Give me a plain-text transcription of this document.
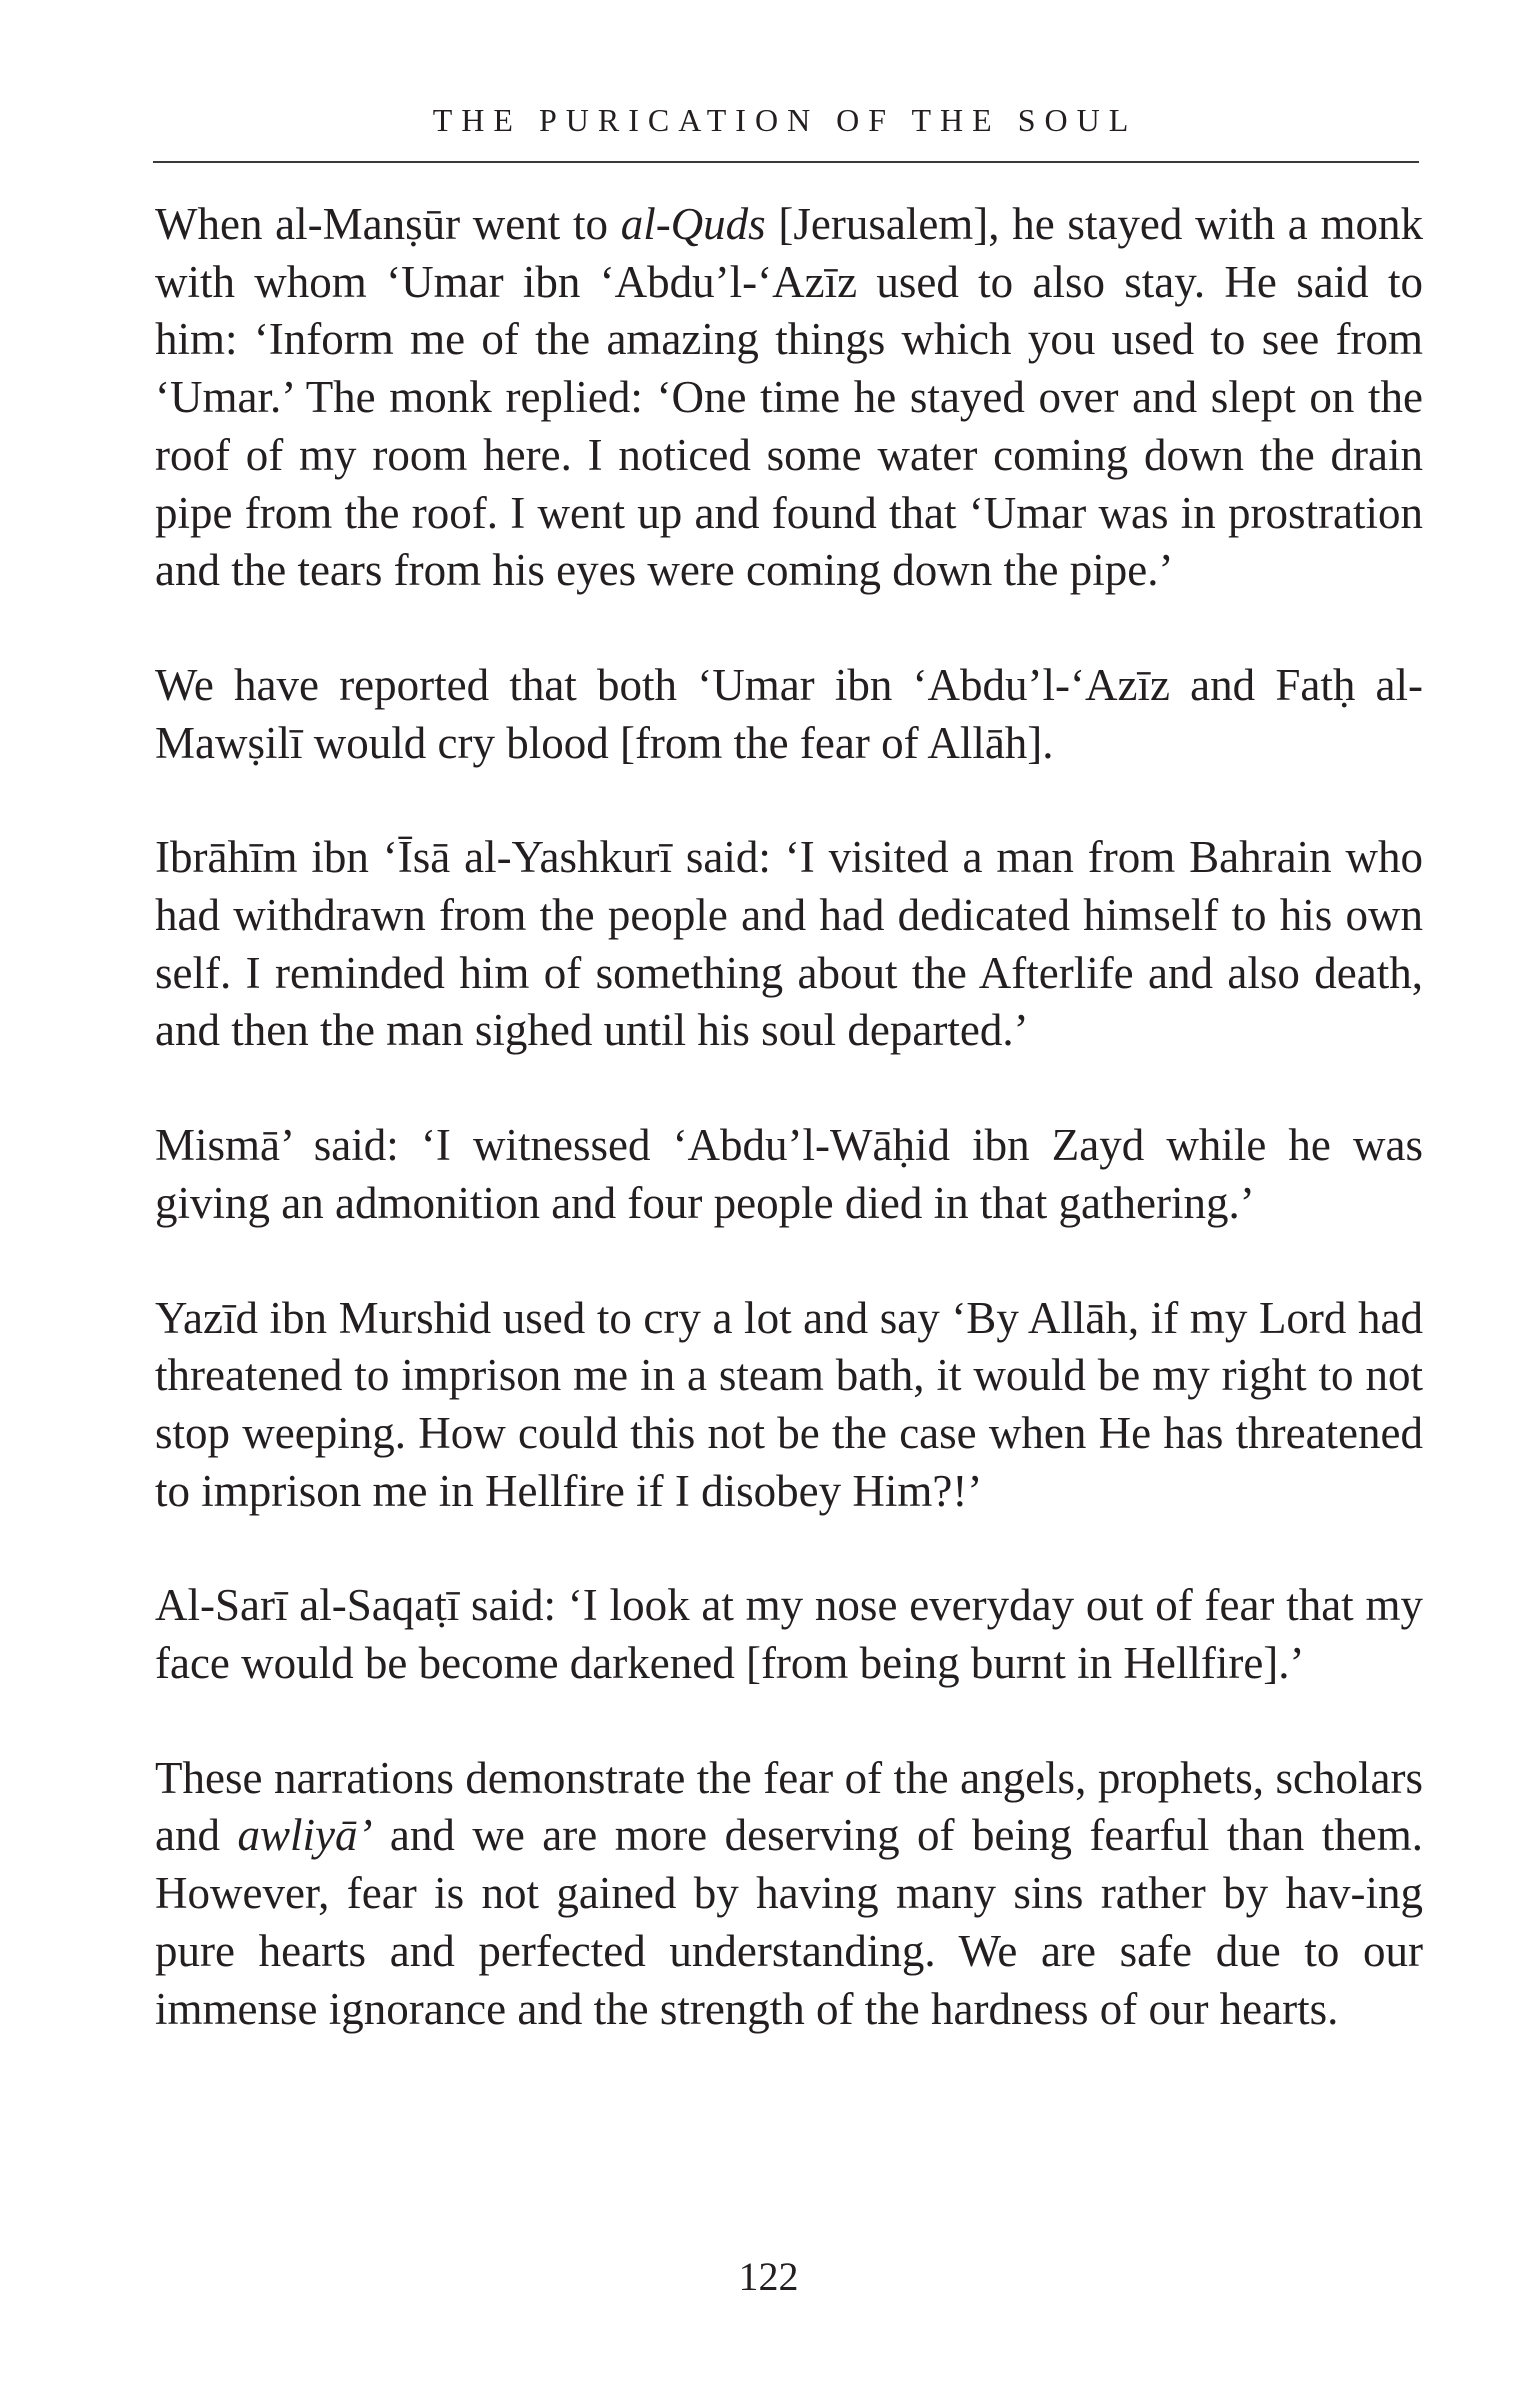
THE PURICATION OF THE SOUL

When al-Manṣūr went to al-Quds [Jerusalem], he stayed with a monk with whom ‘Umar ibn ‘Abdu’l-‘Azīz used to also stay. He said to him: ‘Inform me of the amazing things which you used to see from ‘Umar.’ The monk replied: ‘One time he stayed over and slept on the roof of my room here. I noticed some water coming down the drain pipe from the roof. I went up and found that ‘Umar was in prostration and the tears from his eyes were coming down the pipe.’

We have reported that both ‘Umar ibn ‘Abdu’l-‘Azīz and Fatḥ al-Mawṣilī would cry blood [from the fear of Allāh].

Ibrāhīm ibn ‘Īsā al-Yashkurī said: ‘I visited a man from Bahrain who had withdrawn from the people and had dedicated himself to his own self. I reminded him of something about the Afterlife and also death, and then the man sighed until his soul departed.’

Mismā’ said: ‘I witnessed ‘Abdu’l-Wāḥid ibn Zayd while he was giving an admonition and four people died in that gathering.’

Yazīd ibn Murshid used to cry a lot and say ‘By Allāh, if my Lord had threatened to imprison me in a steam bath, it would be my right to not stop weeping. How could this not be the case when He has threatened to imprison me in Hellfire if I disobey Him?!’

Al-Sarī al-Saqaṭī said: ‘I look at my nose everyday out of fear that my face would be become darkened [from being burnt in Hellfire].’

These narrations demonstrate the fear of the angels, prophets, scholars and awliyā’ and we are more deserving of being fearful than them. However, fear is not gained by having many sins rather by hav-ing pure hearts and perfected understanding. We are safe due to our immense ignorance and the strength of the hardness of our hearts.

122
